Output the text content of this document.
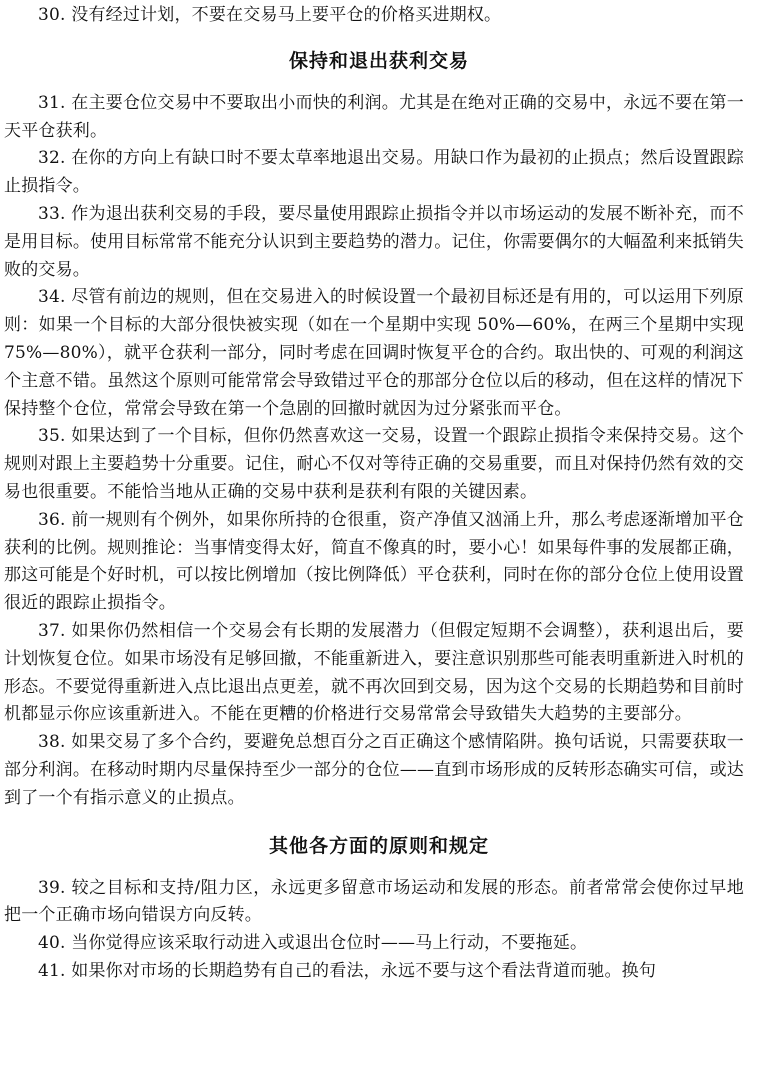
30. 没有经过计划，不要在交易马上要平仓的价格买进期权。

保持和退出获利交易

31. 在主要仓位交易中不要取出小而快的利润。尤其是在绝对正确的交易中，永远不要在第一天平仓获利。

32. 在你的方向上有缺口时不要太草率地退出交易。用缺口作为最初的止损点；然后设置跟踪止损指令。

33. 作为退出获利交易的手段，要尽量使用跟踪止损指令并以市场运动的发展不断补充，而不是用目标。使用目标常常不能充分认识到主要趋势的潜力。记住，你需要偶尔的大幅盈利来抵销失败的交易。

34. 尽管有前边的规则，但在交易进入的时候设置一个最初目标还是有用的，可以运用下列原则：如果一个目标的大部分很快被实现（如在一个星期中实现 50%—60%，在两三个星期中实现 75%—80%），就平仓获利一部分，同时考虑在回调时恢复平仓的合约。取出快的、可观的利润这个主意不错。虽然这个原则可能常常会导致错过平仓的那部分仓位以后的移动，但在这样的情况下保持整个仓位，常常会导致在第一个急剧的回撤时就因为过分紧张而平仓。

35. 如果达到了一个目标，但你仍然喜欢这一交易，设置一个跟踪止损指令来保持交易。这个规则对跟上主要趋势十分重要。记住，耐心不仅对等待正确的交易重要，而且对保持仍然有效的交易也很重要。不能恰当地从正确的交易中获利是获利有限的关键因素。

36. 前一规则有个例外，如果你所持的仓很重，资产净值又汹涌上升，那么考虑逐渐增加平仓获利的比例。规则推论：当事情变得太好，简直不像真的时，要小心！如果每件事的发展都正确，那这可能是个好时机，可以按比例增加（按比例降低）平仓获利，同时在你的部分仓位上使用设置很近的跟踪止损指令。

37. 如果你仍然相信一个交易会有长期的发展潜力（但假定短期不会调整），获利退出后，要计划恢复仓位。如果市场没有足够回撤，不能重新进入，要注意识别那些可能表明重新进入时机的形态。不要觉得重新进入点比退出点更差，就不再次回到交易，因为这个交易的长期趋势和目前时机都显示你应该重新进入。不能在更糟的价格进行交易常常会导致错失大趋势的主要部分。

38. 如果交易了多个合约，要避免总想百分之百正确这个感情陷阱。换句话说，只需要获取一部分利润。在移动时期内尽量保持至少一部分的仓位——直到市场形成的反转形态确实可信，或达到了一个有指示意义的止损点。

其他各方面的原则和规定

39. 较之目标和支持/阻力区，永远更多留意市场运动和发展的形态。前者常常会使你过早地把一个正确市场向错误方向反转。

40. 当你觉得应该采取行动进入或退出仓位时——马上行动，不要拖延。

41. 如果你对市场的长期趋势有自己的看法，永远不要与这个看法背道而驰。换句
